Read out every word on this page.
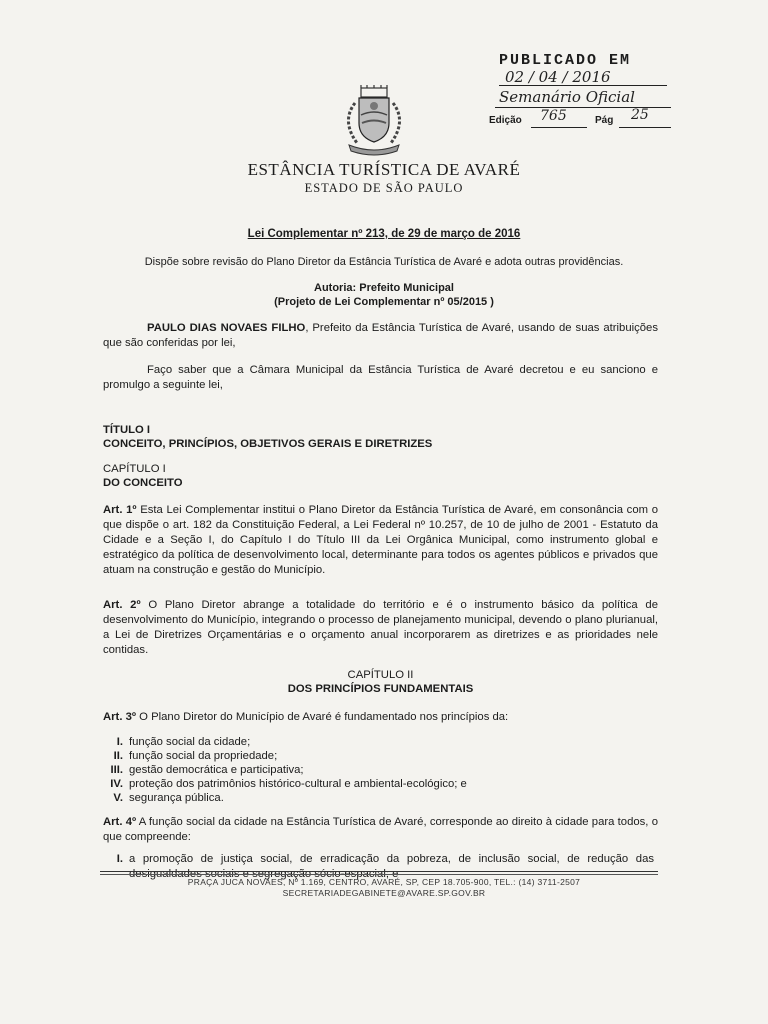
PUBLICADO EM
02 / 04 / 2016
Semanário Oficial
Edição 765	Pág 25
ESTÂNCIA TURÍSTICA DE AVARÉ
ESTADO DE SÃO PAULO
Lei Complementar nº 213, de 29 de março de 2016
Dispõe sobre revisão do Plano Diretor da Estância Turística de Avaré e adota outras providências.
Autoria: Prefeito Municipal
(Projeto de Lei Complementar nº 05/2015 )
PAULO DIAS NOVAES FILHO, Prefeito da Estância Turística de Avaré, usando de suas atribuições que são conferidas por lei,
Faço saber que a Câmara Municipal da Estância Turística de Avaré decretou e eu sanciono e promulgo a seguinte lei,
TÍTULO I
CONCEITO, PRINCÍPIOS, OBJETIVOS GERAIS E DIRETRIZES
CAPÍTULO I
DO CONCEITO
Art. 1º Esta Lei Complementar institui o Plano Diretor da Estância Turística de Avaré, em consonância com o que dispõe o art. 182 da Constituição Federal, a Lei Federal nº 10.257, de 10 de julho de 2001 - Estatuto da Cidade e a Seção I, do Capítulo I do Título III da Lei Orgânica Municipal, como instrumento global e estratégico da política de desenvolvimento local, determinante para todos os agentes públicos e privados que atuam na construção e gestão do Município.
Art. 2º O Plano Diretor abrange a totalidade do território e é o instrumento básico da política de desenvolvimento do Município, integrando o processo de planejamento municipal, devendo o plano plurianual, a Lei de Diretrizes Orçamentárias e o orçamento anual incorporarem as diretrizes e as prioridades nele contidas.
CAPÍTULO II
DOS PRINCÍPIOS FUNDAMENTAIS
Art. 3º O Plano Diretor do Município de Avaré é fundamentado nos princípios da:
I. função social da cidade;
II. função social da propriedade;
III. gestão democrática e participativa;
IV. proteção dos patrimônios histórico-cultural e ambiental-ecológico; e
V. segurança pública.
Art. 4º A função social da cidade na Estância Turística de Avaré, corresponde ao direito à cidade para todos, o que compreende:
I. a promoção de justiça social, de erradicação da pobreza, de inclusão social, de redução das desigualdades sociais e segregação sócio-espacial; e
PRAÇA JUCA NOVAES, Nº 1.169, CENTRO, AVARÉ, SP, CEP 18.705-900, TEL.: (14) 3711-2507
SECRETARIADEGABINETE@AVARE.SP.GOV.BR
